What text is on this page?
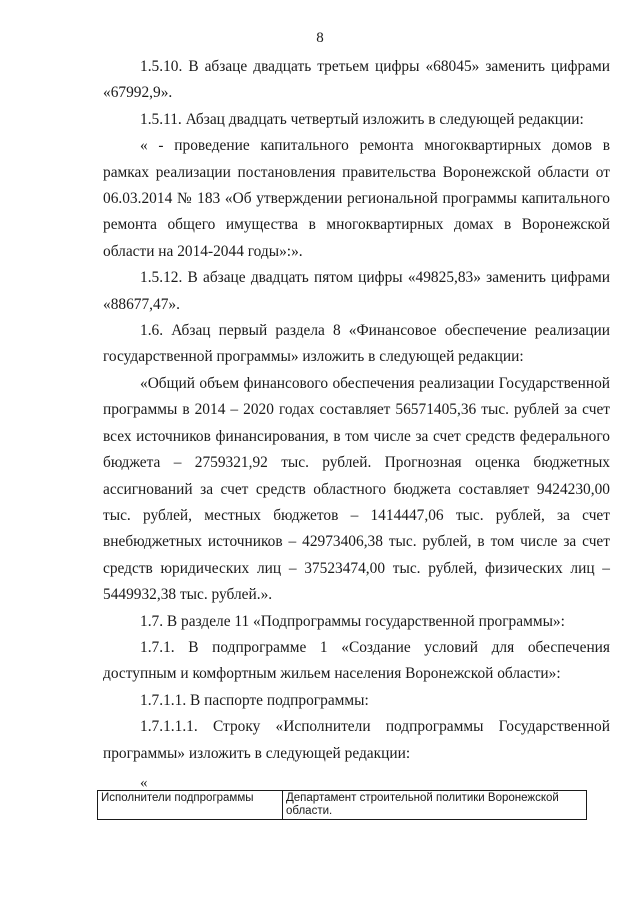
8

1.5.10. В абзаце двадцать третьем цифры «68045» заменить цифрами «67992,9».

1.5.11. Абзац двадцать четвертый изложить в следующей редакции:

« - проведение капитального ремонта многоквартирных домов в рамках реализации постановления правительства Воронежской области от 06.03.2014 № 183 «Об утверждении региональной программы капитального ремонта общего имущества в многоквартирных домах в Воронежской области на 2014-2044 годы»:».

1.5.12. В абзаце двадцать пятом цифры «49825,83» заменить цифрами «88677,47».

1.6. Абзац первый раздела 8 «Финансовое обеспечение реализации государственной программы» изложить в следующей редакции:

«Общий объем финансового обеспечения реализации Государственной программы в 2014 – 2020 годах составляет 56571405,36 тыс. рублей за счет всех источников финансирования, в том числе за счет средств федерального бюджета – 2759321,92 тыс. рублей. Прогнозная оценка бюджетных ассигнований за счет средств областного бюджета составляет 9424230,00 тыс. рублей, местных бюджетов – 1414447,06 тыс. рублей, за счет внебюджетных источников – 42973406,38 тыс. рублей, в том числе за счет средств юридических лиц – 37523474,00 тыс. рублей, физических лиц –5449932,38 тыс. рублей.».

1.7. В разделе 11 «Подпрограммы государственной программы»:

1.7.1. В подпрограмме 1 «Создание условий для обеспечения доступным и комфортным жильем населения Воронежской области»:

1.7.1.1. В паспорте подпрограммы:

1.7.1.1.1. Строку «Исполнители подпрограммы Государственной программы» изложить в следующей редакции:

«
Исполнители подпрограммы	Департамент строительной политики Воронежской области.
